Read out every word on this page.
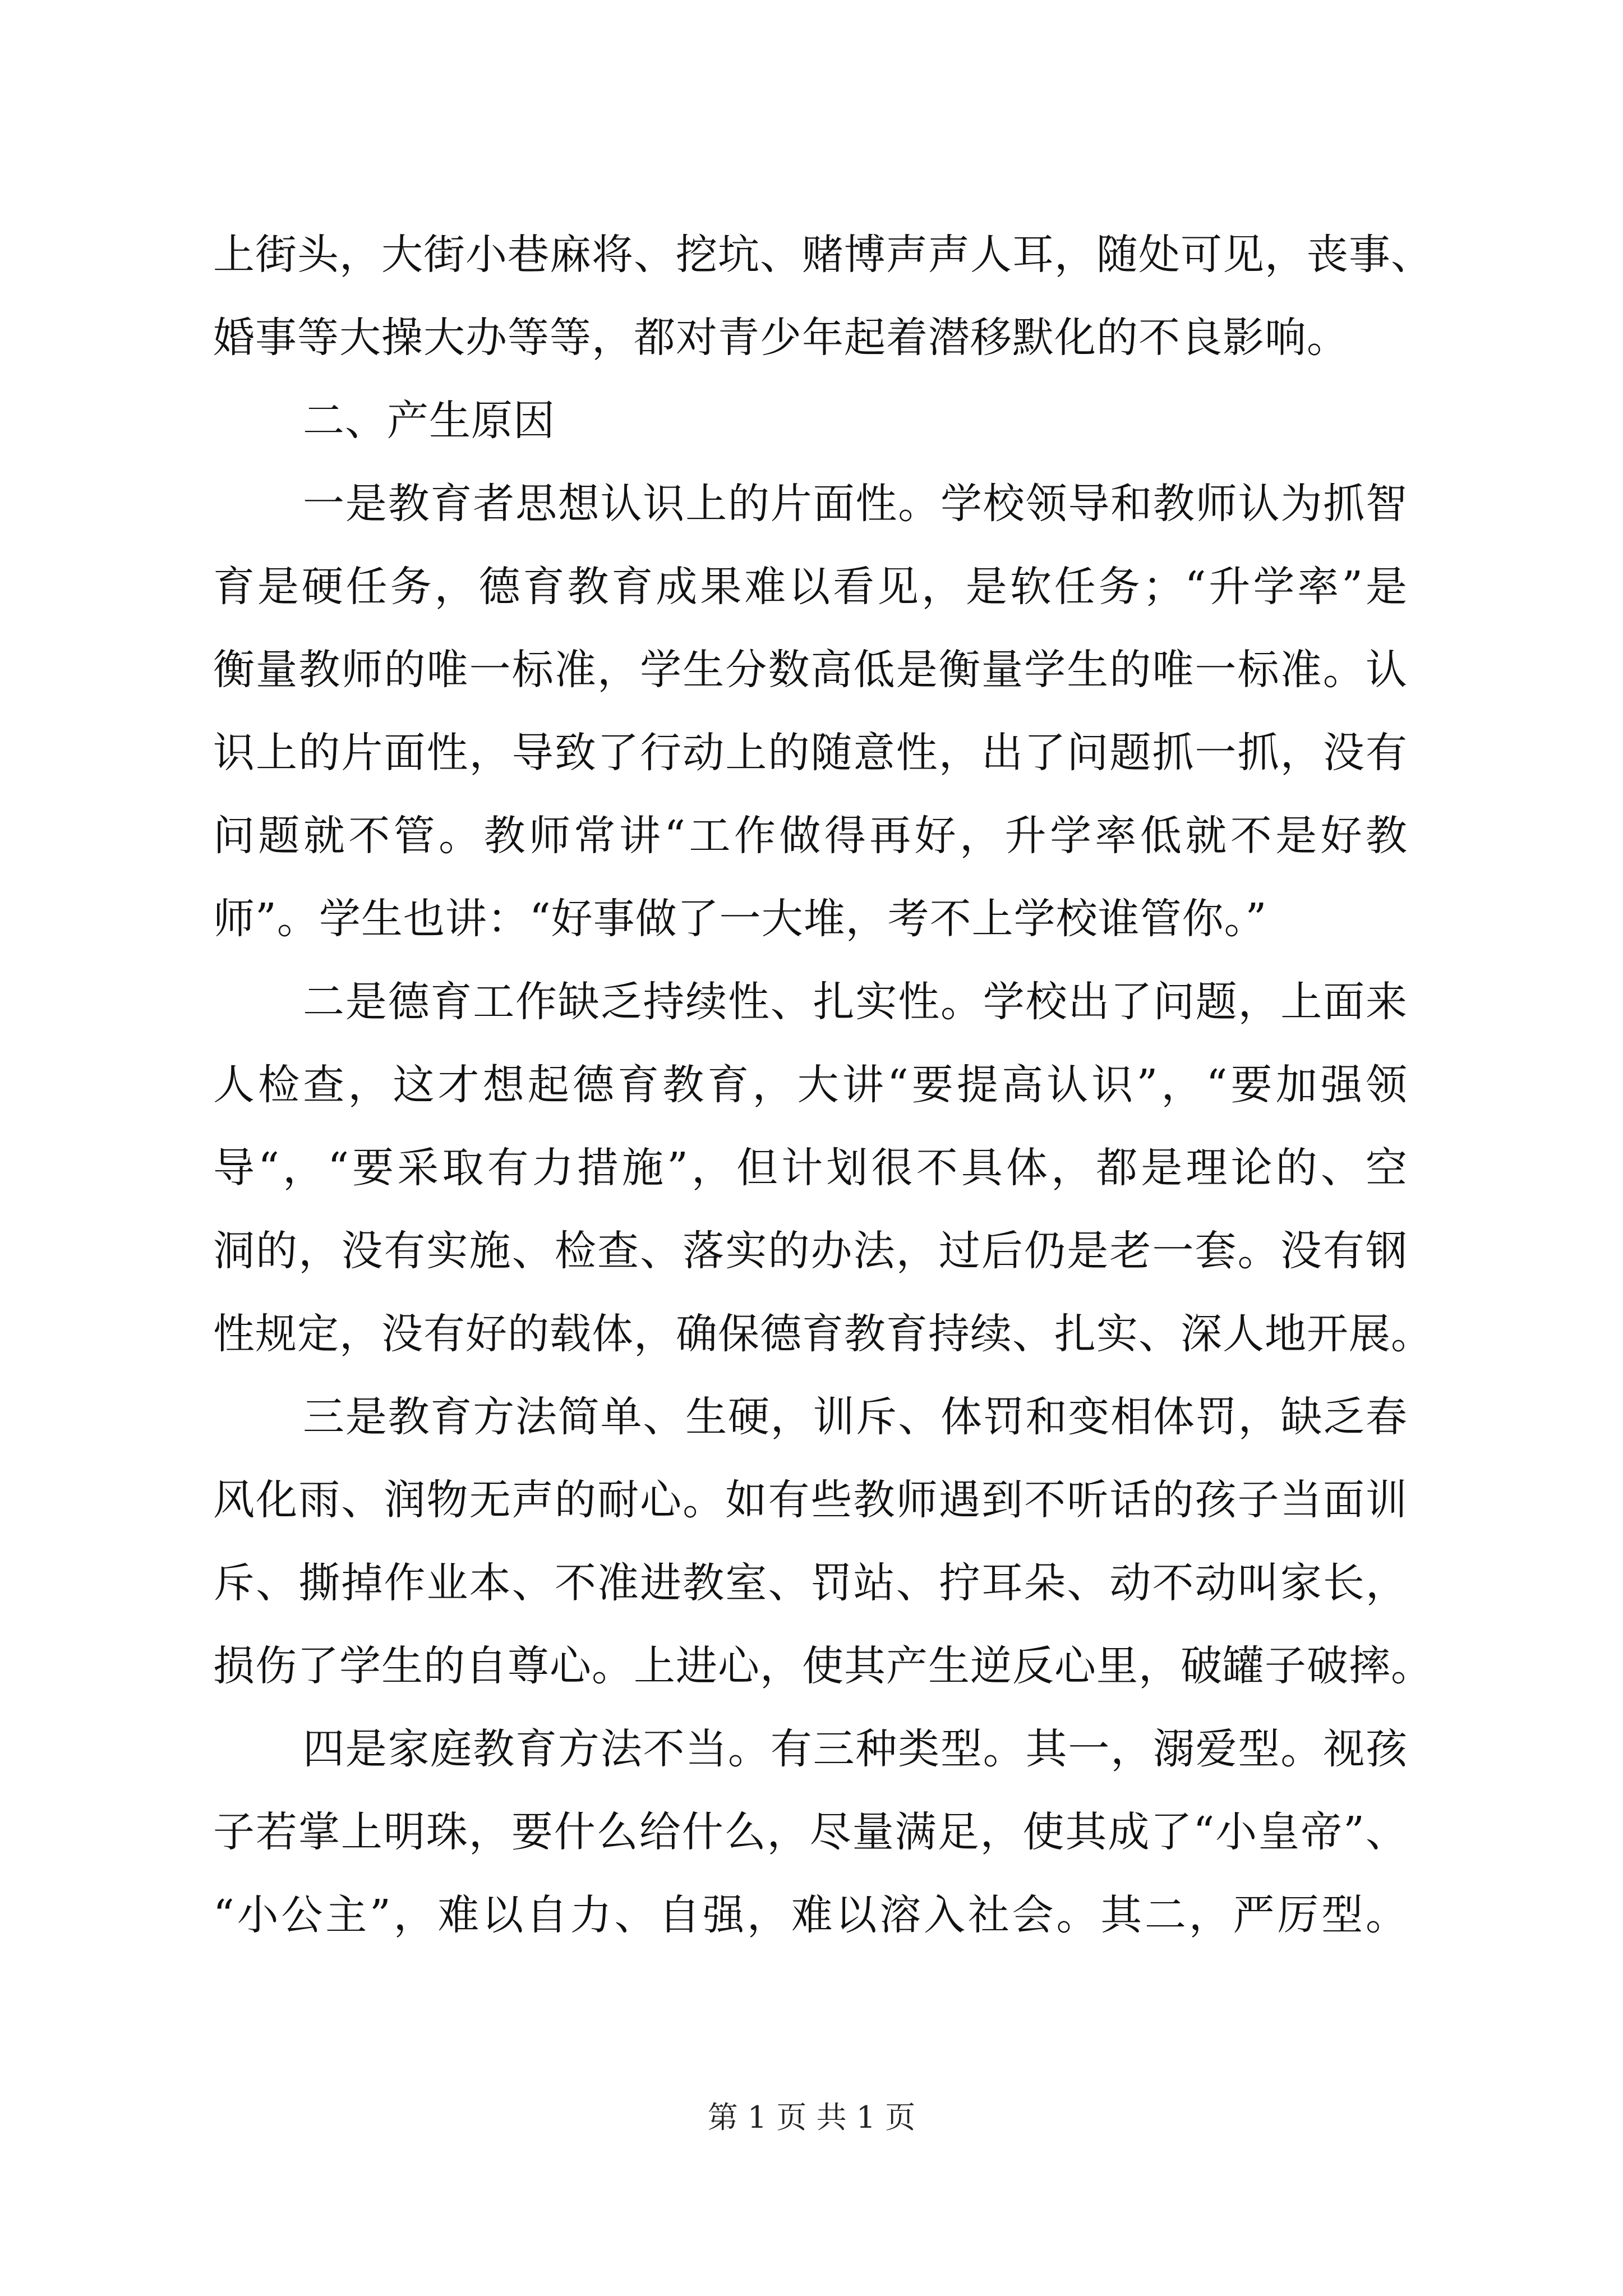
上街头，大街小巷麻将、挖坑、赌博声声人耳，随处可见，丧事、
婚事等大操大办等等，都对青少年起着潜移默化的不良影响。
二、产生原因
一是教育者思想认识上的片面性。学校领导和教师认为抓智
育是硬任务，德育教育成果难以看见，是软任务；“升学率”是
衡量教师的唯一标准，学生分数高低是衡量学生的唯一标准。认
识上的片面性，导致了行动上的随意性，出了问题抓一抓，没有
问题就不管。教师常讲“工作做得再好，升学率低就不是好教
师”。学生也讲：“好事做了一大堆，考不上学校谁管你。”
二是德育工作缺乏持续性、扎实性。学校出了问题，上面来
人检查，这才想起德育教育，大讲“要提高认识”，“要加强领
导“，“要采取有力措施”，但计划很不具体，都是理论的、空
洞的，没有实施、检查、落实的办法，过后仍是老一套。没有钢
性规定，没有好的载体，确保德育教育持续、扎实、深人地开展。
三是教育方法简单、生硬，训斥、体罚和变相体罚，缺乏春
风化雨、润物无声的耐心。如有些教师遇到不听话的孩子当面训
斥、撕掉作业本、不准进教室、罚站、拧耳朵、动不动叫家长，
损伤了学生的自尊心。上进心，使其产生逆反心里，破罐子破摔。
四是家庭教育方法不当。有三种类型。其一，溺爱型。视孩
子若掌上明珠，要什么给什么，尽量满足，使其成了“小皇帝”、
“小公主”，难以自力、自强，难以溶入社会。其二，严厉型。
第 1 页 共 1 页
